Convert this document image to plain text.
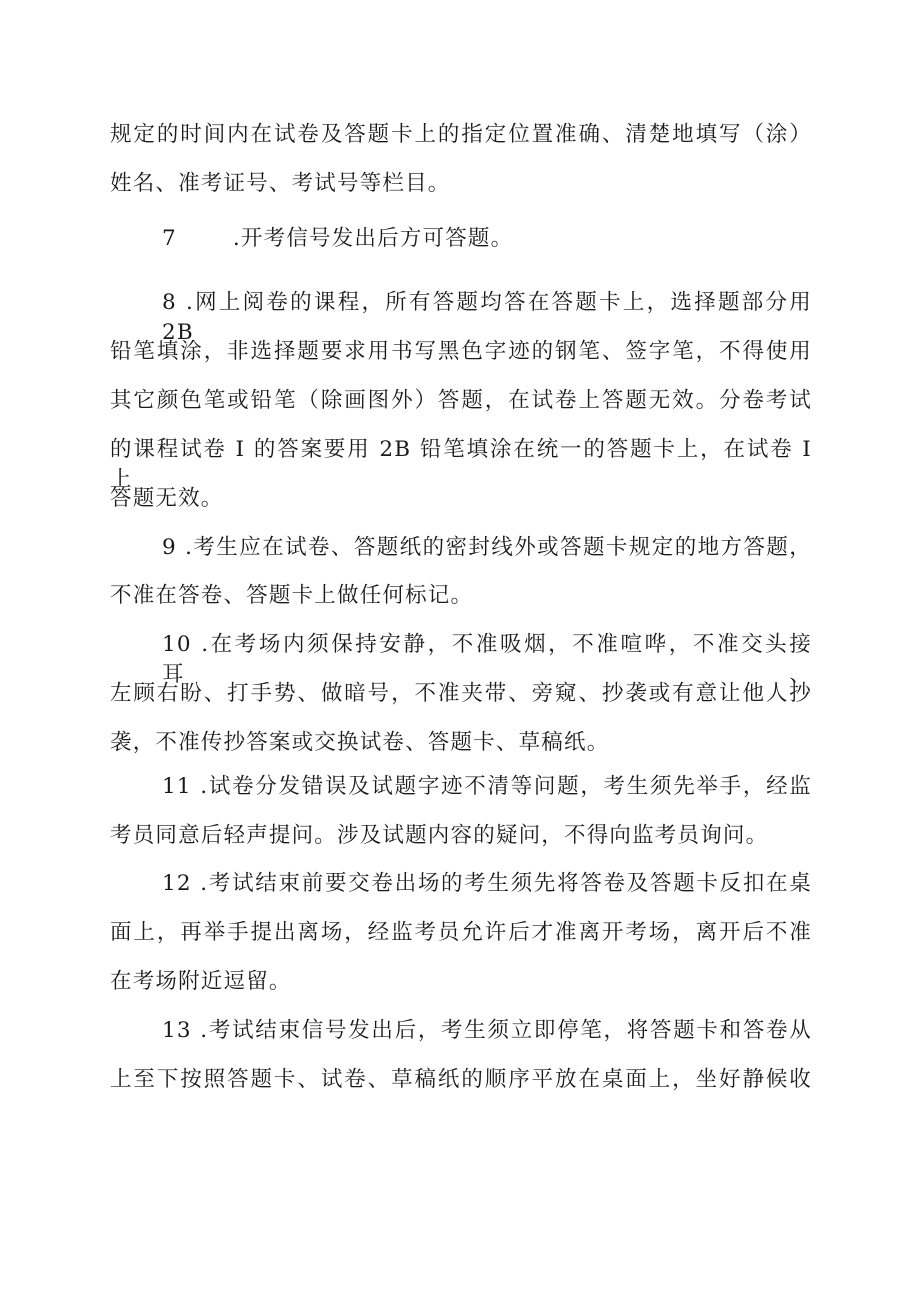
规定的时间内在试卷及答题卡上的指定位置准确、清楚地填写（涂）
姓名、准考证号、考试号等栏目。
7	.开考信号发出后方可答题。
8 .网上阅卷的课程，所有答题均答在答题卡上，选择题部分用 2B
铅笔填涂，非选择题要求用书写黑色字迹的钢笔、签字笔，不得使用
其它颜色笔或铅笔（除画图外）答题，在试卷上答题无效。分卷考试
的课程试卷 I 的答案要用 2B 铅笔填涂在统一的答题卡上，在试卷 I 上
答题无效。
9 .考生应在试卷、答题纸的密封线外或答题卡规定的地方答题，
不准在答卷、答题卡上做任何标记。
10 .在考场内须保持安静，不准吸烟，不准喧哗，不准交头接耳、
左顾右盼、打手势、做暗号，不准夹带、旁窥、抄袭或有意让他人抄
袭，不准传抄答案或交换试卷、答题卡、草稿纸。
11 .试卷分发错误及试题字迹不清等问题，考生须先举手，经监
考员同意后轻声提问。涉及试题内容的疑问，不得向监考员询问。
12 .考试结束前要交卷出场的考生须先将答卷及答题卡反扣在桌
面上，再举手提出离场，经监考员允许后才准离开考场，离开后不准
在考场附近逗留。
13 .考试结束信号发出后，考生须立即停笔，将答题卡和答卷从
上至下按照答题卡、试卷、草稿纸的顺序平放在桌面上，坐好静候收
